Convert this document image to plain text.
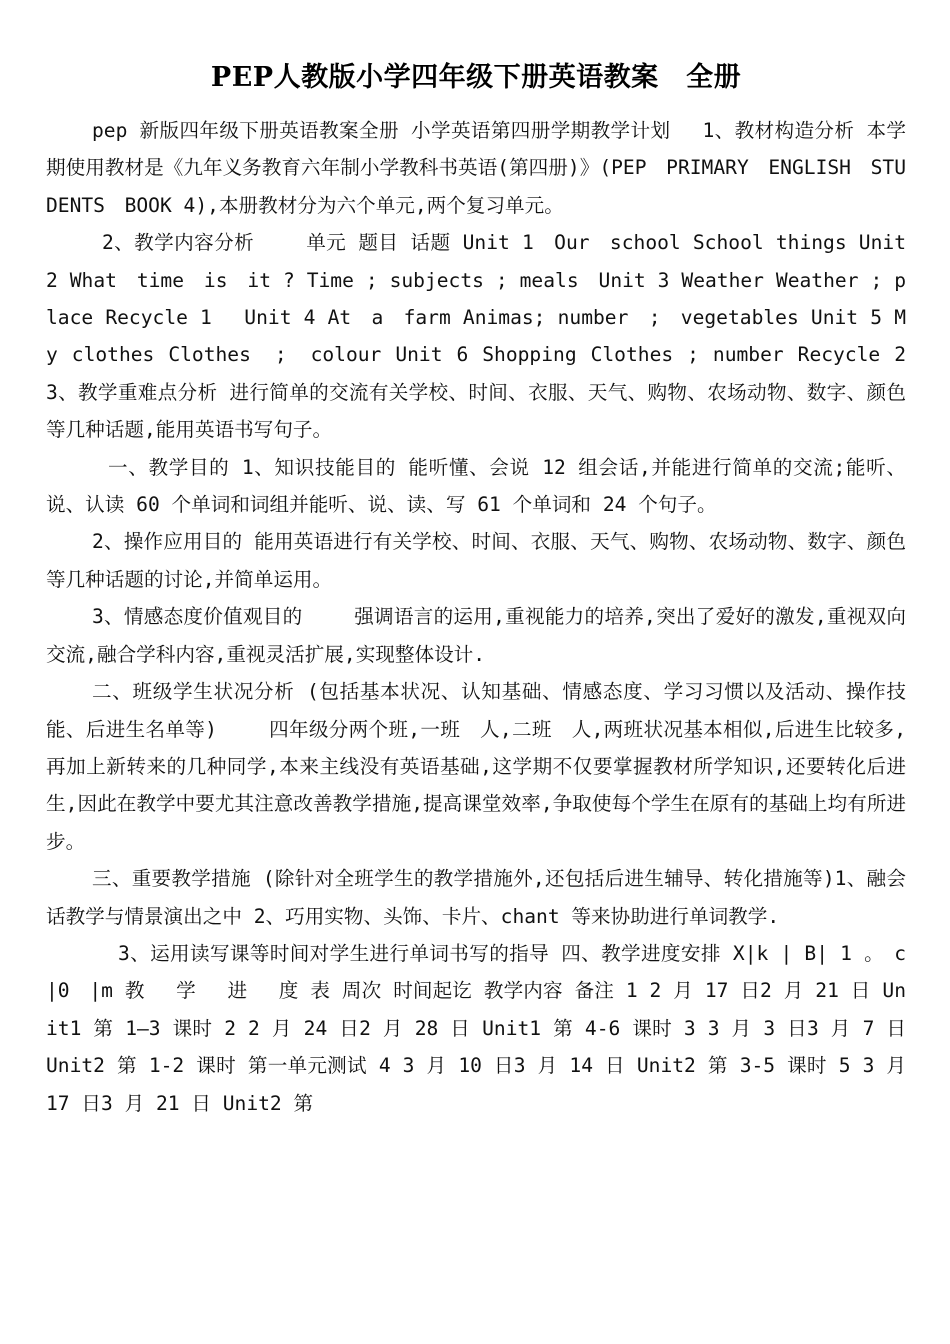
PEP人教版小学四年级下册英语教案　全册

pep 新版四年级下册英语教案全册 小学英语第四册学期教学计划　 1、教材构造分析 本学期使用教材是《九年义务教育六年制小学教科书英语(第四册)》(PEP　PRIMARY　ENGLISH　STUDENTS　BOOK 4),本册教材分为六个单元,两个复习单元。

2、教学内容分析　　 单元 题目 话题 Unit 1　Our　school School things Unit 2 What　time　is　it ? Time ; subjects ; meals　Unit 3 Weather Weather ; place Recycle 1　 Unit 4 At　a　farm Animas; number　;　vegetables Unit 5 My clothes Clothes　;　colour Unit 6 Shopping Clothes ; number Recycle 2　　3、教学重难点分析 进行简单的交流有关学校、时间、衣服、天气、购物、农场动物、数字、颜色等几种话题,能用英语书写句子。

一、教学目的 1、知识技能目的 能听懂、会说 12 组会话,并能进行简单的交流;能听、说、认读 60 个单词和词组并能听、说、读、写 61 个单词和 24 个句子。

2、操作应用目的 能用英语进行有关学校、时间、衣服、天气、购物、农场动物、数字、颜色等几种话题的讨论,并简单运用。

3、情感态度价值观目的　　 强调语言的运用,重视能力的培养,突出了爱好的激发,重视双向交流,融合学科内容,重视灵活扩展,实现整体设计.

二、班级学生状况分析 (包括基本状况、认知基础、情感态度、学习习惯以及活动、操作技能、后进生名单等)　　 四年级分两个班,一班　人,二班　人,两班状况基本相似,后进生比较多,再加上新转来的几种同学,本来主线没有英语基础,这学期不仅要掌握教材所学知识,还要转化后进生,因此在教学中要尤其注意改善教学措施,提高课堂效率,争取使每个学生在原有的基础上均有所进步。

三、重要教学措施 (除针对全班学生的教学措施外,还包括后进生辅导、转化措施等)1、融会话教学与情景演出之中 2、巧用实物、头饰、卡片、chant 等来协助进行单词教学.

3、运用读写课等时间对学生进行单词书写的指导 四、教学进度安排 X|k | B| 1 。　c |0　|m 教　 学　 进　 度 表 周次 时间起讫 教学内容 备注 1 2 月 17 日2 月 21 日 Unit1 第 1—3 课时 2 2 月 24 日2 月 28 日 Unit1 第 4-6 课时 3 3 月 3 日3 月 7 日 Unit2 第 1-2 课时 第一单元测试 4 3 月 10 日3 月 14 日 Unit2 第 3-5 课时 5 3 月 17 日3 月 21 日 Unit2 第
